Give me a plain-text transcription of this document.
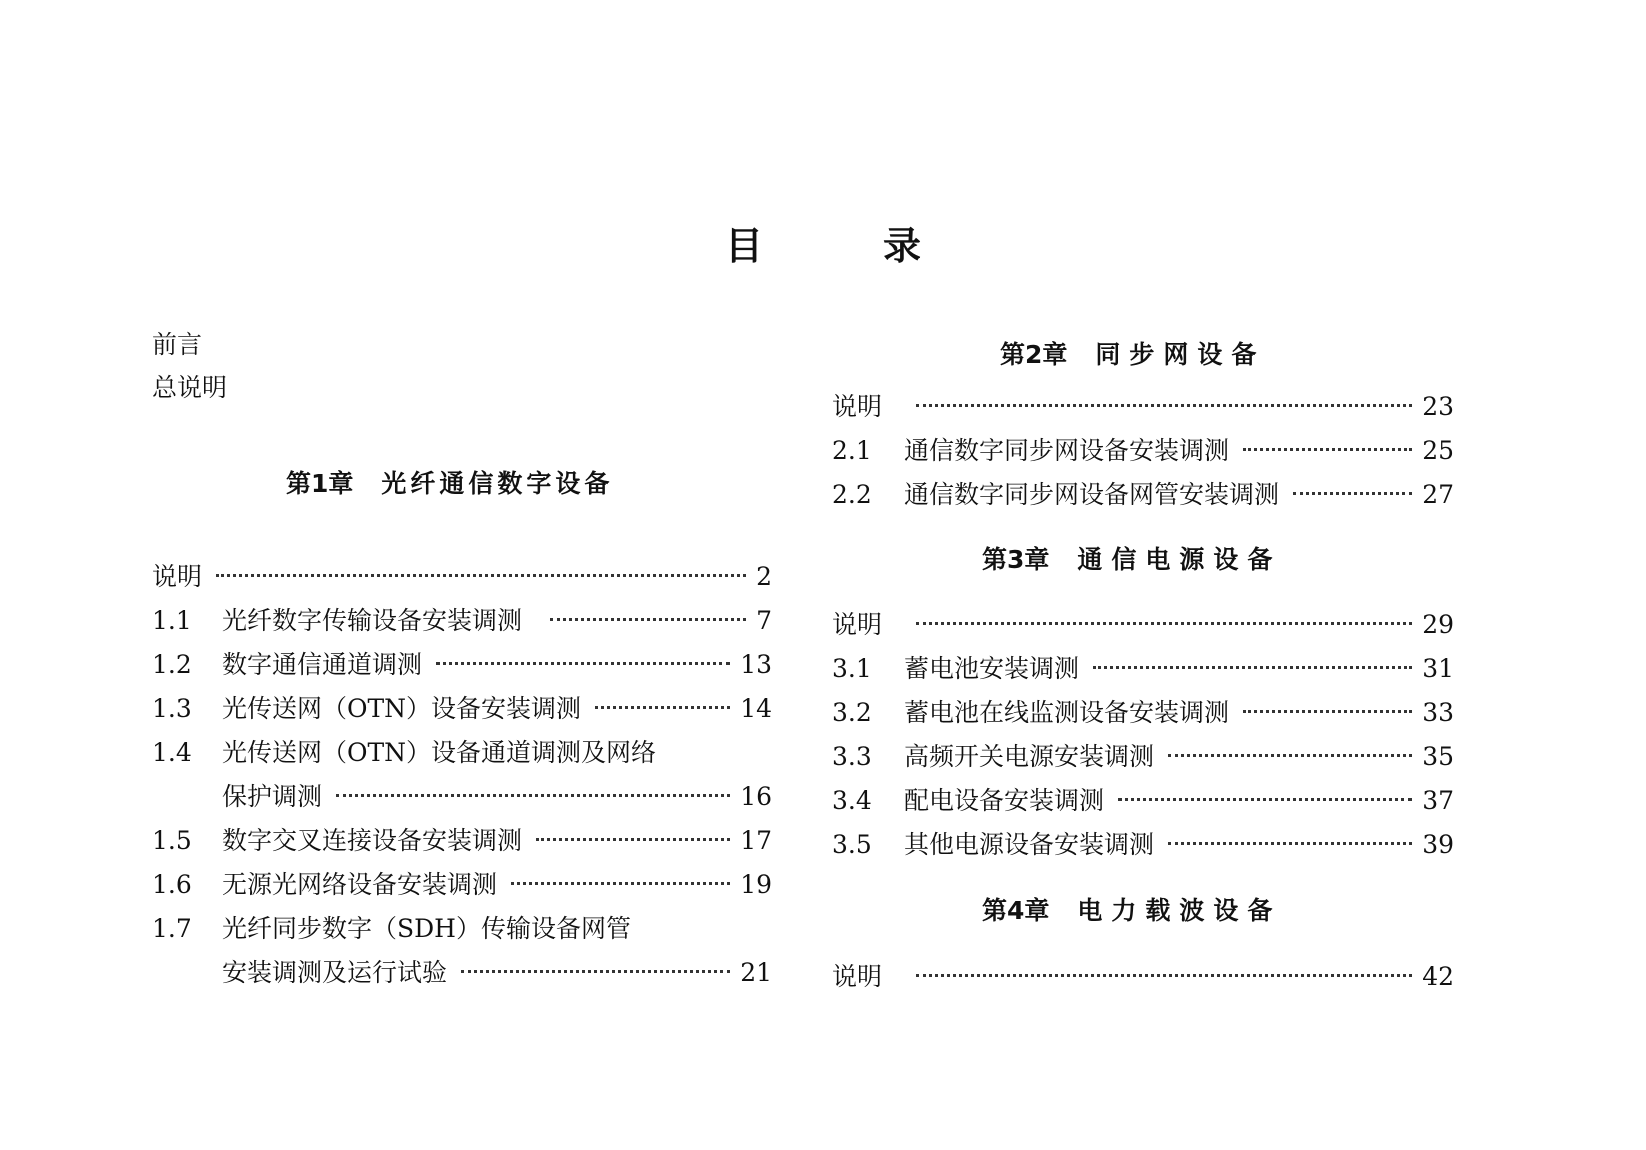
目录
前言
总说明
第1章 光纤通信数字设备
说明	2
1.1	光纤数字传输设备安装调测	7
1.2	数字通信通道调测	13
1.3	光传送网（OTN）设备安装调测	14
1.4	光传送网（OTN）设备通道调测及网络
保护调测	16
1.5	数字交叉连接设备安装调测	17
1.6	无源光网络设备安装调测	19
1.7	光纤同步数字（SDH）传输设备网管
安装调测及运行试验	21
第2章 同步网设备
说明	23
2.1	通信数字同步网设备安装调测	25
2.2	通信数字同步网设备网管安装调测	27
第3章 通信电源设备
说明	29
3.1	蓄电池安装调测	31
3.2	蓄电池在线监测设备安装调测	33
3.3	高频开关电源安装调测	35
3.4	配电设备安装调测	37
3.5	其他电源设备安装调测	39
第4章 电力载波设备
说明	42
